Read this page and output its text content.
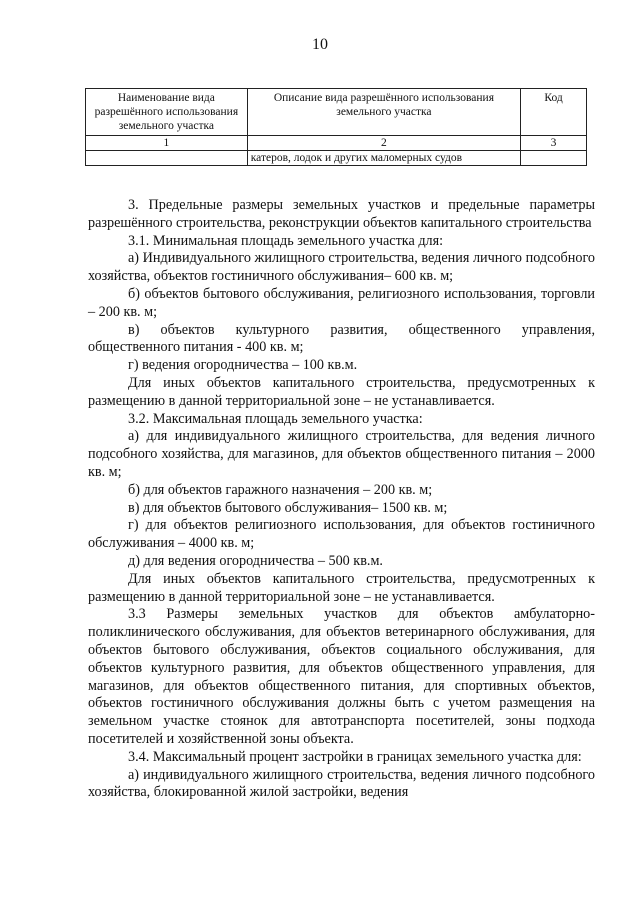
10
Наименование вида разрешённого использования земельного участка	Описание вида разрешённого использования земельного участка	Код
1	2	3
	катеров, лодок и других маломерных судов	

3. Предельные размеры земельных участков и предельные параметры разрешённого строительства, реконструкции объектов капитального строительства

3.1. Минимальная площадь земельного участка для:

а) Индивидуального жилищного строительства, ведения личного подсобного хозяйства, объектов гостиничного обслуживания– 600 кв. м;

б) объектов бытового обслуживания, религиозного использования, торговли – 200 кв. м;

в) объектов культурного развития, общественного управления, общественного питания - 400 кв. м;

г) ведения огородничества – 100 кв.м.

Для иных объектов капитального строительства, предусмотренных к размещению в данной территориальной зоне – не устанавливается.

3.2. Максимальная площадь земельного участка:

а) для индивидуального жилищного строительства, для ведения личного подсобного хозяйства, для магазинов, для объектов общественного питания – 2000 кв. м;

б) для объектов гаражного назначения – 200 кв. м;

в) для объектов бытового обслуживания– 1500 кв. м;

г) для объектов религиозного использования, для объектов гостиничного обслуживания – 4000 кв. м;

д) для ведения огородничества – 500 кв.м.

Для иных объектов капитального строительства, предусмотренных к размещению в данной территориальной зоне – не устанавливается.

3.3 Размеры земельных участков для объектов амбулаторно-поликлинического обслуживания, для объектов ветеринарного обслуживания, для объектов бытового обслуживания, объектов социального обслуживания, для объектов культурного развития, для объектов общественного управления, для магазинов, для объектов общественного питания, для спортивных объектов, объектов гостиничного обслуживания должны быть с учетом размещения на земельном участке стоянок для автотранспорта посетителей, зоны подхода посетителей и хозяйственной зоны объекта.

3.4. Максимальный процент застройки в границах земельного участка для:

а) индивидуального жилищного строительства, ведения личного подсобного хозяйства, блокированной жилой застройки, ведения
